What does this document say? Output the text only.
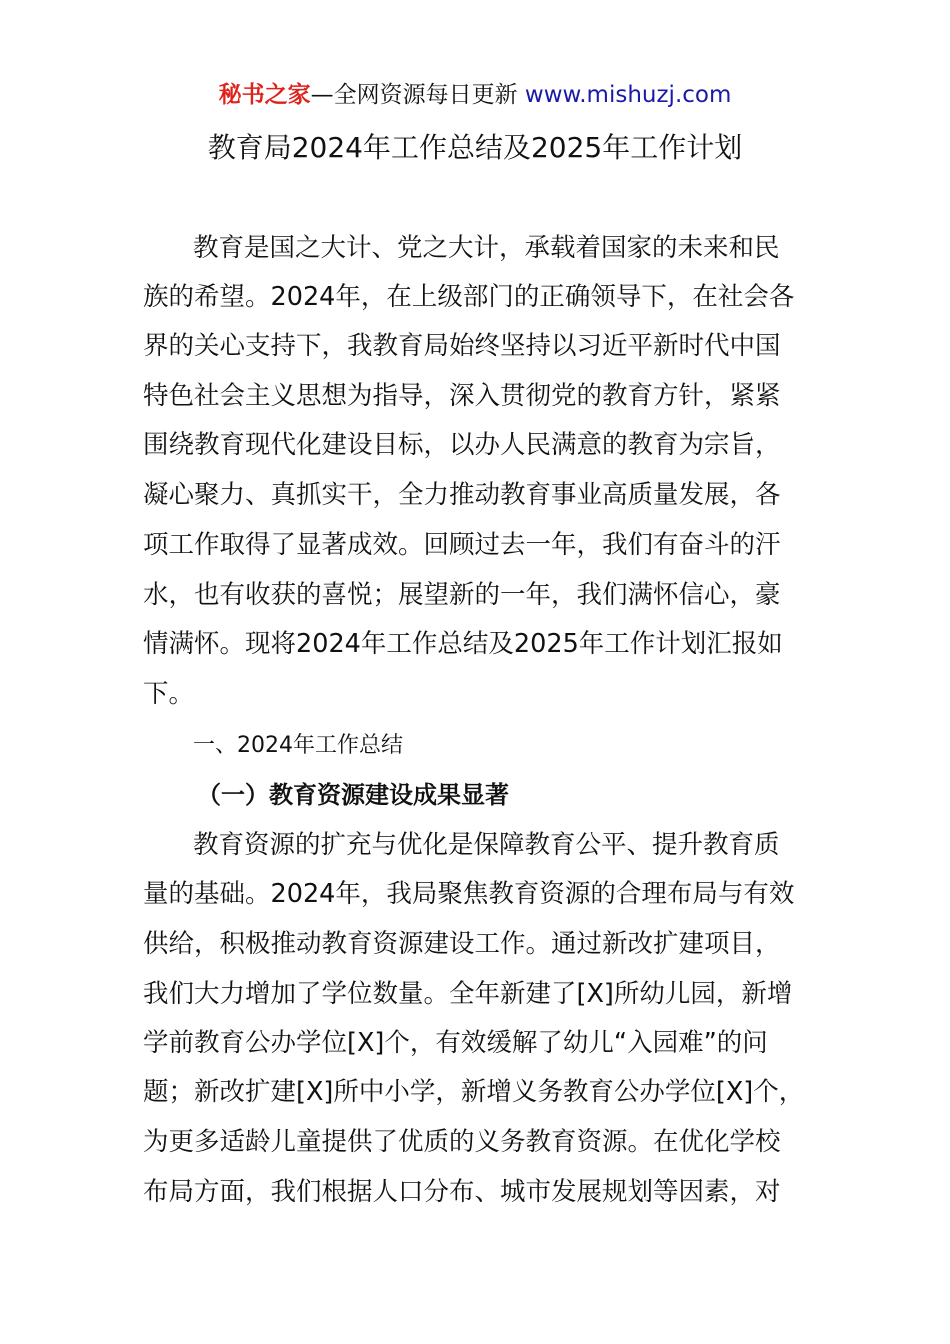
秘书之家—全网资源每日更新 www.mishuzj.com
教育局2024年工作总结及2025年工作计划
教育是国之大计、党之大计，承载着国家的未来和民
族的希望。2024年，在上级部门的正确领导下，在社会各
界的关心支持下，我教育局始终坚持以习近平新时代中国
特色社会主义思想为指导，深入贯彻党的教育方针，紧紧
围绕教育现代化建设目标，以办人民满意的教育为宗旨，
凝心聚力、真抓实干，全力推动教育事业高质量发展，各
项工作取得了显著成效。回顾过去一年，我们有奋斗的汗
水，也有收获的喜悦；展望新的一年，我们满怀信心，豪
情满怀。现将2024年工作总结及2025年工作计划汇报如
下。
一、2024年工作总结
（一）教育资源建设成果显著
教育资源的扩充与优化是保障教育公平、提升教育质
量的基础。2024年，我局聚焦教育资源的合理布局与有效
供给，积极推动教育资源建设工作。通过新改扩建项目，
我们大力增加了学位数量。全年新建了[X]所幼儿园，新增
学前教育公办学位[X]个，有效缓解了幼儿“入园难”的问
题；新改扩建[X]所中小学，新增义务教育公办学位[X]个，
为更多适龄儿童提供了优质的义务教育资源。在优化学校
布局方面，我们根据人口分布、城市发展规划等因素，对
